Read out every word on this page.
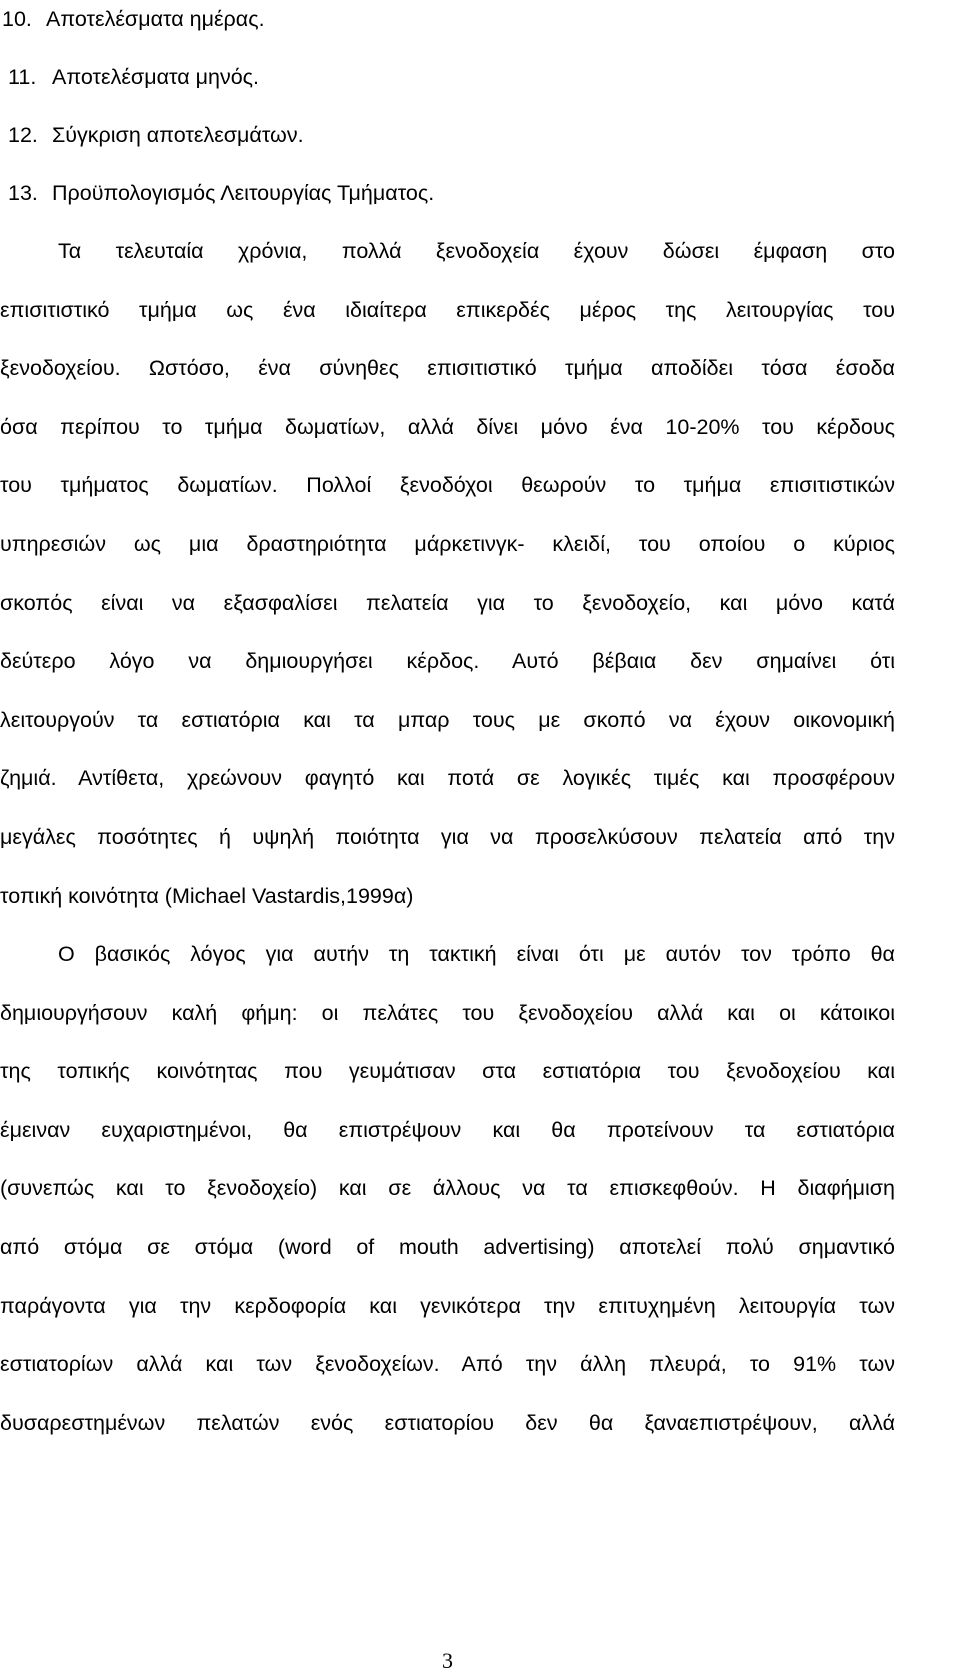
10. Αποτελέσματα ημέρας.
11. Αποτελέσματα μηνός.
12. Σύγκριση αποτελεσμάτων.
13. Προϋπολογισμός Λειτουργίας Τμήματος.
Τα τελευταία χρόνια, πολλά ξενοδοχεία έχουν δώσει έμφαση στο
επισιτιστικό τμήμα ως ένα ιδιαίτερα επικερδές μέρος της λειτουργίας του
ξενοδοχείου. Ωστόσο, ένα σύνηθες επισιτιστικό τμήμα αποδίδει τόσα έσοδα
όσα περίπου το τμήμα δωματίων, αλλά δίνει μόνο ένα 10-20% του κέρδους
του τμήματος δωματίων. Πολλοί ξενοδόχοι θεωρούν το τμήμα επισιτιστικών
υπηρεσιών ως μια δραστηριότητα μάρκετινγκ- κλειδί, του οποίου ο κύριος
σκοπός είναι να εξασφαλίσει πελατεία για το ξενοδοχείο, και μόνο κατά
δεύτερο λόγο να δημιουργήσει κέρδος. Αυτό βέβαια δεν σημαίνει ότι
λειτουργούν τα εστιατόρια και τα μπαρ τους με σκοπό να έχουν οικονομική
ζημιά. Αντίθετα, χρεώνουν φαγητό και ποτά σε λογικές τιμές και προσφέρουν
μεγάλες ποσότητες ή υψηλή ποιότητα για να προσελκύσουν πελατεία από την
τοπική κοινότητα (Michael Vastardis,1999α)
Ο βασικός λόγος για αυτήν τη τακτική είναι ότι με αυτόν τον τρόπο θα
δημιουργήσουν καλή φήμη: οι πελάτες του ξενοδοχείου αλλά και οι κάτοικοι
της τοπικής κοινότητας που γευμάτισαν στα εστιατόρια του ξενοδοχείου και
έμειναν ευχαριστημένοι, θα επιστρέψουν και θα προτείνουν τα εστιατόρια
(συνεπώς και το ξενοδοχείο) και σε άλλους να τα επισκεφθούν. Η διαφήμιση
από στόμα σε στόμα (word of mouth advertising) αποτελεί πολύ σημαντικό
παράγοντα για την κερδοφορία και γενικότερα την επιτυχημένη λειτουργία των
εστιατορίων αλλά και των ξενοδοχείων. Από την άλλη πλευρά, το 91% των
δυσαρεστημένων πελατών ενός εστιατορίου δεν θα ξαναεπιστρέψουν, αλλά
3
